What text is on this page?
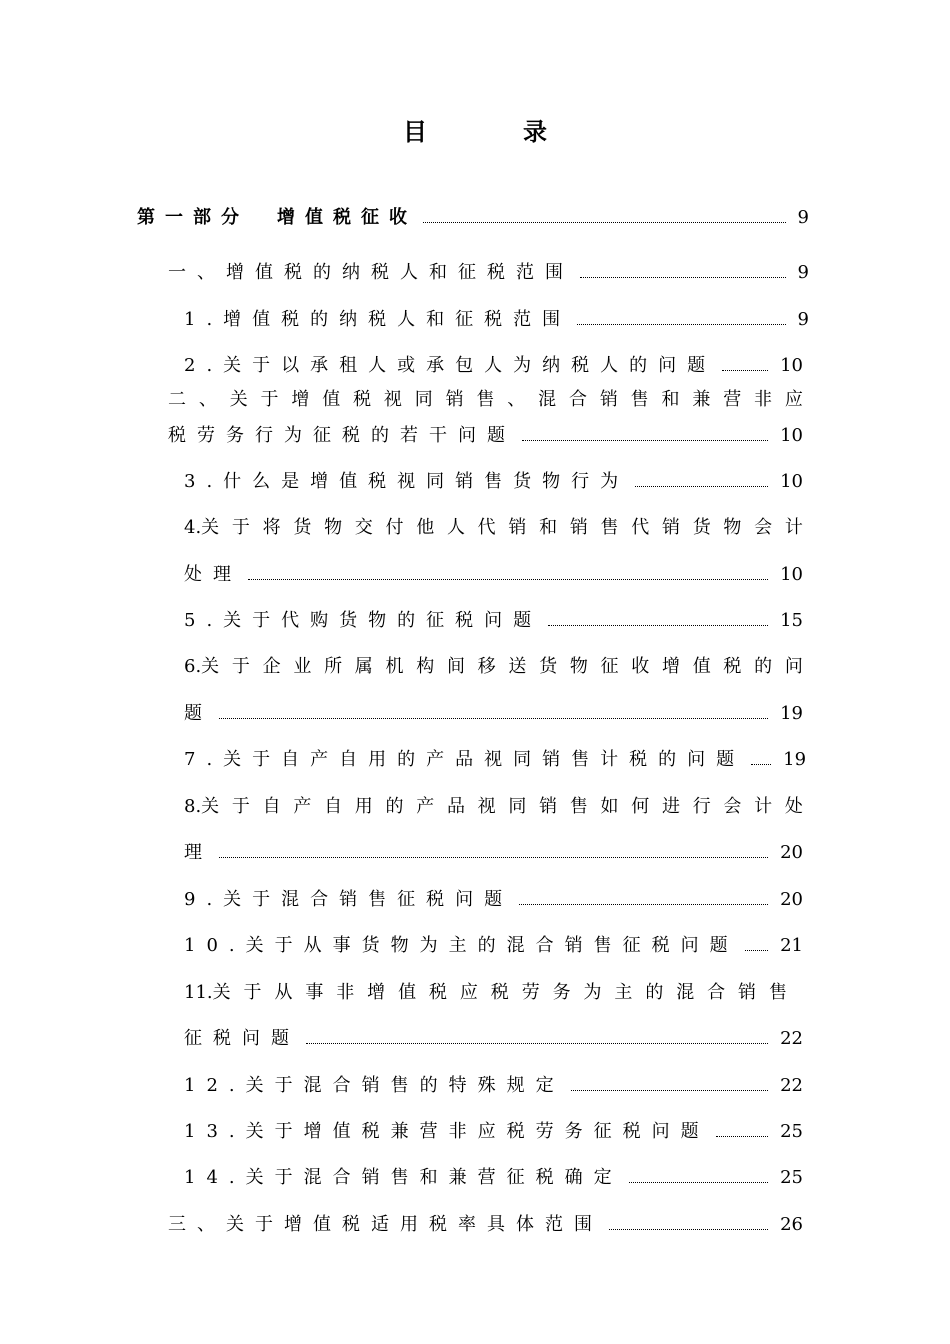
目　录
第一部分　增值税征收	9
一、增值税的纳税人和征税范围	9
1.增值税的纳税人和征税范围	9
2.关于以承租人或承包人为纳税人的问题	10
二 、 关 于 增 值 税 视 同 销 售 、 混 合 销 售 和 兼 营 非 应
税劳务行为征税的若干问题	10
3.什么是增值税视同销售货物行为	10
4.关 于 将 货 物 交 付 他 人 代 销 和 销 售 代 销 货 物 会 计
处理	10
5.关于代购货物的征税问题	15
6.关 于 企 业 所 属 机 构 间 移 送 货 物 征 收 增 值 税 的 问
题	19
7.关于自产自用的产品视同销售计税的问题 19
8.关 于 自 产 自 用 的 产 品 视 同 销 售 如 何 进 行 会 计 处
理	20
9.关于混合销售征税问题	20
10.关于从事货物为主的混合销售征税问题 21
11.关 于 从 事 非 增 值 税 应 税 劳 务 为 主 的 混 合 销 售
征税问题	22
12.关于混合销售的特殊规定	22
13.关于增值税兼营非应税劳务征税问题	25
14.关于混合销售和兼营征税确定	25
三、关于增值税适用税率具体范围	26
